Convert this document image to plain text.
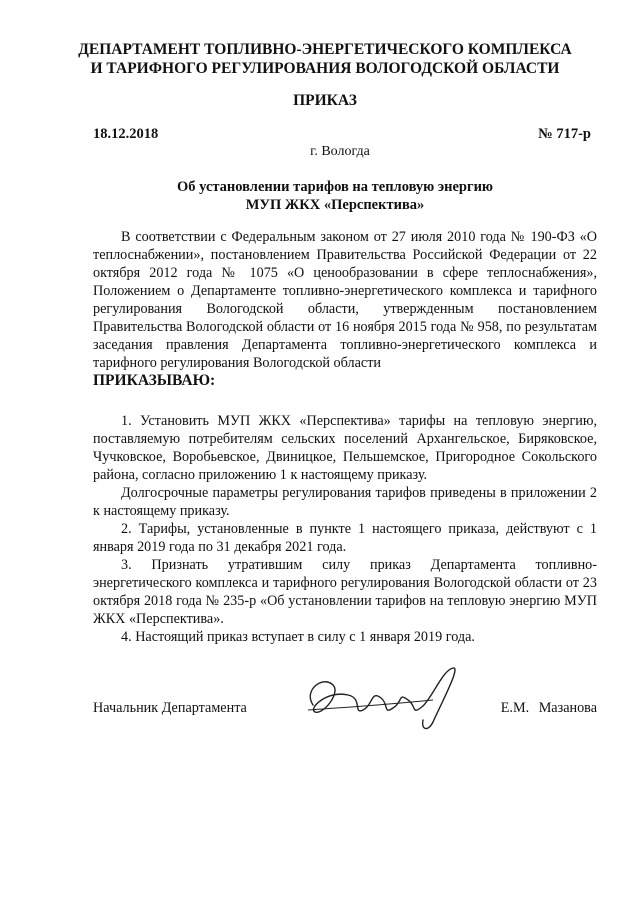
ДЕПАРТАМЕНТ ТОПЛИВНО-ЭНЕРГЕТИЧЕСКОГО КОМПЛЕКСА
И ТАРИФНОГО РЕГУЛИРОВАНИЯ ВОЛОГОДСКОЙ ОБЛАСТИ
ПРИКАЗ
18.12.2018	№ 717-р
г. Вологда
Об установлении тарифов на тепловую энергию
МУП ЖКХ «Перспектива»

В соответствии с Федеральным законом от 27 июля 2010 года № 190-ФЗ «О теплоснабжении», постановлением Правительства Российской Федерации от 22 октября 2012 года № 1075 «О ценообразовании в сфере теплоснабжения», Положением о Департаменте топливно-энергетического комплекса и тарифного регулирования Вологодской области, утвержденным постановлением Правительства Вологодской области от 16 ноября 2015 года № 958, по результатам заседания правления Департамента топливно-энергетического комплекса и тарифного регулирования Вологодской области

ПРИКАЗЫВАЮ:

1. Установить МУП ЖКХ «Перспектива» тарифы на тепловую энергию, поставляемую потребителям сельских поселений Архангельское, Биряковское, Чучковское, Воробьевское, Двиницкое, Пельшемское, Пригородное Сокольского района, согласно приложению 1 к настоящему приказу.

Долгосрочные параметры регулирования тарифов приведены в приложении 2 к настоящему приказу.

2. Тарифы, установленные в пункте 1 настоящего приказа, действуют с 1 января 2019 года по 31 декабря 2021 года.

3. Признать утратившим силу приказ Департамента топливно-энергетического комплекса и тарифного регулирования Вологодской области от 23 октября 2018 года № 235-р «Об установлении тарифов на тепловую энергию МУП ЖКХ «Перспектива».

4. Настоящий приказ вступает в силу с 1 января 2019 года.

Начальник Департамента	Е.М. Мазанова
